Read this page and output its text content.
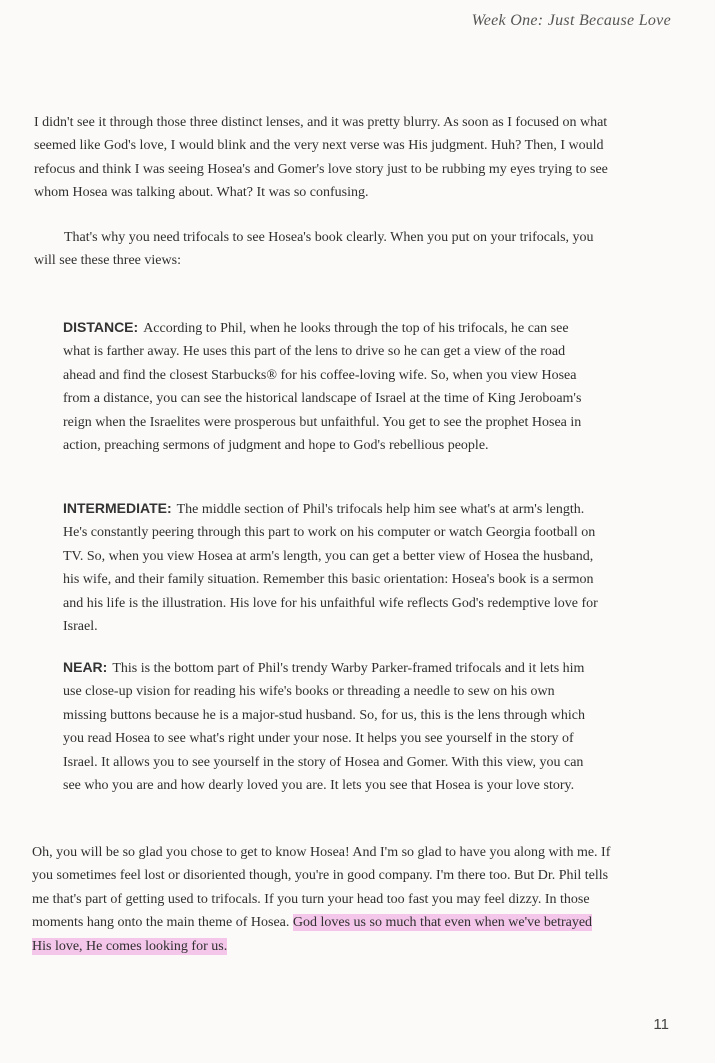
Week One: Just Because Love

I didn't see it through those three distinct lenses, and it was pretty blurry. As soon as I focused on what seemed like God's love, I would blink and the very next verse was His judgment. Huh? Then, I would refocus and think I was seeing Hosea's and Gomer's love story just to be rubbing my eyes trying to see whom Hosea was talking about. What? It was so confusing.

That's why you need trifocals to see Hosea's book clearly. When you put on your trifocals, you will see these three views:

DISTANCE: According to Phil, when he looks through the top of his trifocals, he can see what is farther away. He uses this part of the lens to drive so he can get a view of the road ahead and find the closest Starbucks® for his coffee-loving wife. So, when you view Hosea from a distance, you can see the historical landscape of Israel at the time of King Jeroboam's reign when the Israelites were prosperous but unfaithful. You get to see the prophet Hosea in action, preaching sermons of judgment and hope to God's rebellious people.
INTERMEDIATE: The middle section of Phil's trifocals help him see what's at arm's length. He's constantly peering through this part to work on his computer or watch Georgia football on TV. So, when you view Hosea at arm's length, you can get a better view of Hosea the husband, his wife, and their family situation. Remember this basic orientation: Hosea's book is a sermon and his life is the illustration. His love for his unfaithful wife reflects God's redemptive love for Israel.
NEAR: This is the bottom part of Phil's trendy Warby Parker-framed trifocals and it lets him use close-up vision for reading his wife's books or threading a needle to sew on his own missing buttons because he is a major-stud husband. So, for us, this is the lens through which you read Hosea to see what's right under your nose. It helps you see yourself in the story of Israel. It allows you to see yourself in the story of Hosea and Gomer. With this view, you can see who you are and how dearly loved you are. It lets you see that Hosea is your love story.
Oh, you will be so glad you chose to get to know Hosea! And I'm so glad to have you along with me. If you sometimes feel lost or disoriented though, you're in good company. I'm there too. But Dr. Phil tells me that's part of getting used to trifocals. If you turn your head too fast you may feel dizzy. In those moments hang onto the main theme of Hosea. God loves us so much that even when we've betrayed His love, He comes looking for us.
11
